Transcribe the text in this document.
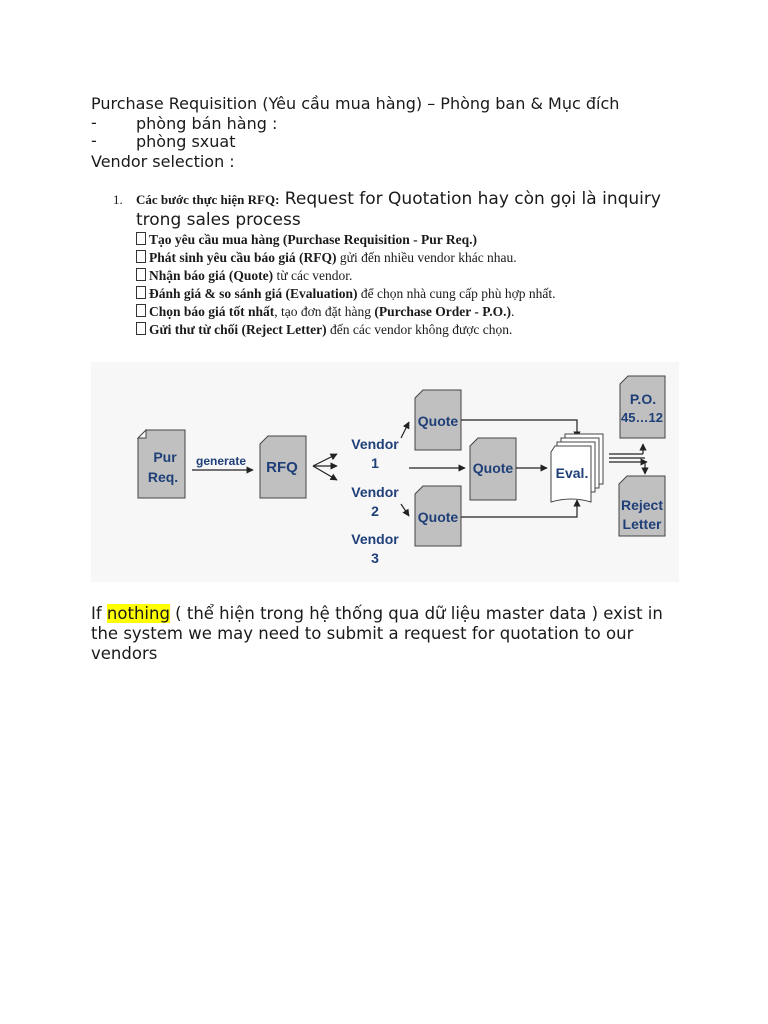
Purchase Requisition (Yêu cầu mua hàng) – Phòng ban & Mục đích
- phòng bán hàng :
- phòng sxuat
Vendor selection :
1. Các bước thực hiện RFQ: Request for Quotation hay còn gọi là inquiry trong sales process
Tạo yêu cầu mua hàng (Purchase Requisition - Pur Req.)
Phát sinh yêu cầu báo giá (RFQ) gửi đến nhiều vendor khác nhau.
Nhận báo giá (Quote) từ các vendor.
Đánh giá & so sánh giá (Evaluation) để chọn nhà cung cấp phù hợp nhất.
Chọn báo giá tốt nhất, tạo đơn đặt hàng (Purchase Order - P.O.).
Gửi thư từ chối (Reject Letter) đến các vendor không được chọn.
Pur
Req.
generate RFQ
Vendor
1
Vendor
2
Vendor
3
Quote
Quote
Quote
Eval.
P.O.
45…12
Reject
Letter
If nothing ( thể hiện trong hệ thống qua dữ liệu master data ) exist in the system we may need to submit a request for quotation to our vendors
